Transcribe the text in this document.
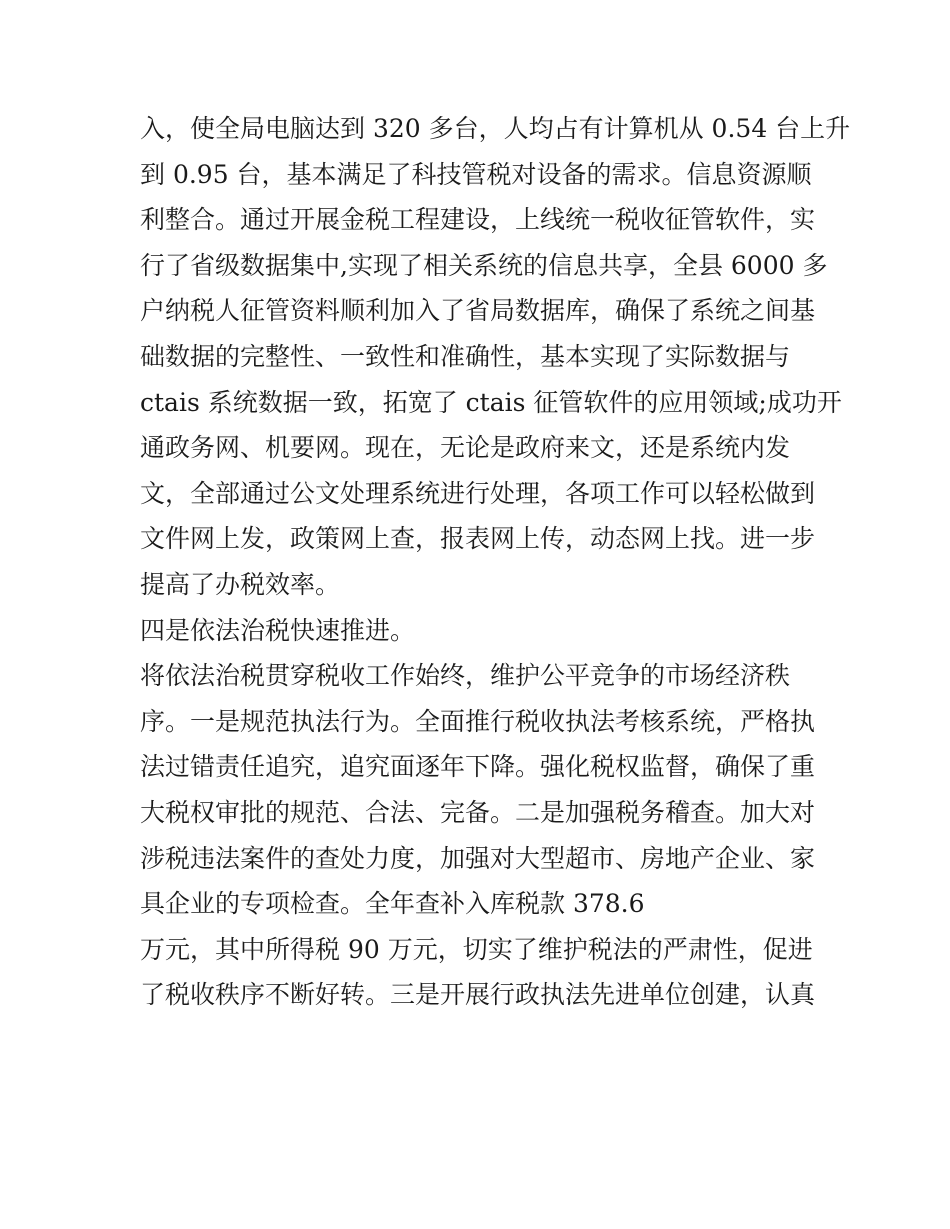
入，使全局电脑达到 320 多台，人均占有计算机从 0.54 台上升
到 0.95 台，基本满足了科技管税对设备的需求。信息资源顺
利整合。通过开展金税工程建设，上线统一税收征管软件，实
行了省级数据集中,实现了相关系统的信息共享，全县 6000 多
户纳税人征管资料顺利加入了省局数据库，确保了系统之间基
础数据的完整性、一致性和准确性，基本实现了实际数据与
ctais 系统数据一致，拓宽了 ctais 征管软件的应用领域;成功开
通政务网、机要网。现在，无论是政府来文，还是系统内发
文，全部通过公文处理系统进行处理，各项工作可以轻松做到
文件网上发，政策网上查，报表网上传，动态网上找。进一步
提高了办税效率。
四是依法治税快速推进。
将依法治税贯穿税收工作始终，维护公平竞争的市场经济秩
序。一是规范执法行为。全面推行税收执法考核系统，严格执
法过错责任追究，追究面逐年下降。强化税权监督，确保了重
大税权审批的规范、合法、完备。二是加强税务稽查。加大对
涉税违法案件的查处力度，加强对大型超市、房地产企业、家
具企业的专项检查。全年查补入库税款 378.6
万元，其中所得税 90 万元，切实了维护税法的严肃性，促进
了税收秩序不断好转。三是开展行政执法先进单位创建，认真
